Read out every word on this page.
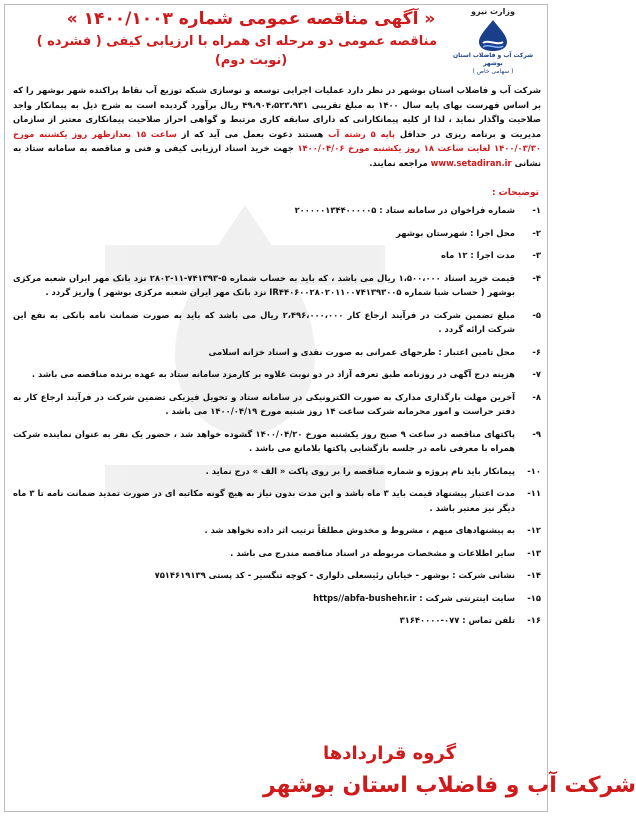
وزارت نیرو
شرکت آب و فاضلاب استان بوشهر
( سهامی خاص )
« آگهی مناقصه عمومی شماره ۱۴۰۰/۱۰۰۳ »
مناقصه عمومی دو مرحله ای همراه با ارزیابی کیفی ( فشرده )
(نوبت دوم)
شرکت آب و فاضلاب استان بوشهر در نظر دارد عملیات اجرایی توسعه و نوسازی شبکه توزیع آب نقاط پراکنده شهر بوشهر را که بر اساس فهرست بهای پایه سال ۱۴۰۰ به مبلغ تقریبی ۴۹،۹۰۴،۵۲۳،۹۳۱ ریال برآورد گردیده است به شرح ذیل به پیمانکار واجد صلاحیت واگذار نماید ، لذا از کلیه پیمانکارانی که دارای سابقه کاری مرتبط و گواهی احراز صلاحیت پیمانکاری معتبر از سازمان مدیریت و برنامه ریزی در حداقل پایه ۵ رشته آب هستند دعوت بعمل می آید که از ساعت ۱۵ بعدازظهر روز یکشنبه مورخ ۱۴۰۰/۰۳/۳۰ لغایت ساعت ۱۸ روز یکشنبه مورخ ۱۴۰۰/۰۴/۰۶ جهت خرید اسناد ارزیابی کیفی و فنی و مناقصه به سامانه ستاد به نشانی www.setadiran.ir مراجعه نمایند.
توضیحات :
۱-
شماره فراخوان در سامانه ستاد : ۲۰۰۰۰۰۱۳۴۴۰۰۰۰۰۵
۲-
محل اجرا : شهرستان بوشهر
۳-
مدت اجرا : ۱۲ ماه
۴-
قیمت خرید اسناد ۱،۵۰۰،۰۰۰ ریال می باشد ، که باید به حساب شماره ۵-۷۴۱۳۹۳-۱۱-۲۸۰۲ نزد بانک مهر ایران شعبه مرکزی بوشهر ( حساب شبا شماره IR۴۴۰۶۰۰۲۸۰۲۰۱۱۰۰۷۴۱۳۹۳۰۰۵ نزد بانک مهر ایران شعبه مرکزی بوشهر ) واریز گردد .
۵-
مبلغ تضمین شرکت در فرآیند ارجاع کار ۲،۴۹۶،۰۰۰،۰۰۰ ریال می باشد که باید به صورت ضمانت نامه بانکی به نفع این شرکت ارائه گردد .
۶-
محل تامین اعتبار : طرحهای عمرانی به صورت نقدی و اسناد خزانه اسلامی
۷-
هزینه درج آگهی در روزنامه طبق تعرفه آزاد در دو نوبت علاوه بر کارمزد سامانه ستاد به عهده برنده مناقصه می باشد .
۸-
آخرین مهلت بارگذاری مدارک به صورت الکترونیکی در سامانه ستاد و تحویل فیزیکی تضمین شرکت در فرآیند ارجاع کار به دفتر حراست و امور محرمانه شرکت ساعت ۱۴ روز شنبه مورخ ۱۴۰۰/۰۴/۱۹ می باشد .
۹-
پاکتهای مناقصه در ساعت ۹ صبح روز یکشنبه مورخ ۱۴۰۰/۰۴/۲۰ گشوده خواهد شد ، حضور یک نفر به عنوان نماینده شرکت همراه با معرفی نامه در جلسه بازگشایی پاکتها بلامانع می باشد .
۱۰-
پیمانکار باید نام پروژه و شماره مناقصه را بر روی پاکت « الف » درج نماید .
۱۱-
مدت اعتبار پیشنهاد قیمت باید ۳ ماه باشد و این مدت بدون نیاز به هیچ گونه مکاتبه ای در صورت تمدید ضمانت نامه تا ۳ ماه دیگر نیز معتبر باشد .
۱۲-
به پیشنهادهای مبهم ، مشروط و مخدوش مطلقاً ترتیب اثر داده نخواهد شد .
۱۳-
سایر اطلاعات و مشخصات مربوطه در اسناد مناقصه مندرج می باشد .
۱۴-
نشانی شرکت : بوشهر - خیابان رئیسعلی دلواری - کوچه تنگسیر - کد پستی ۷۵۱۴۶۱۹۱۳۹
۱۵-
سایت اینترنتی شرکت : https//abfa-bushehr.ir
۱۶-
تلفن تماس : ۰۷۷-۳۱۶۴۰۰۰۰
گروه قراردادها
شرکت آب و فاضلاب استان بوشهر
